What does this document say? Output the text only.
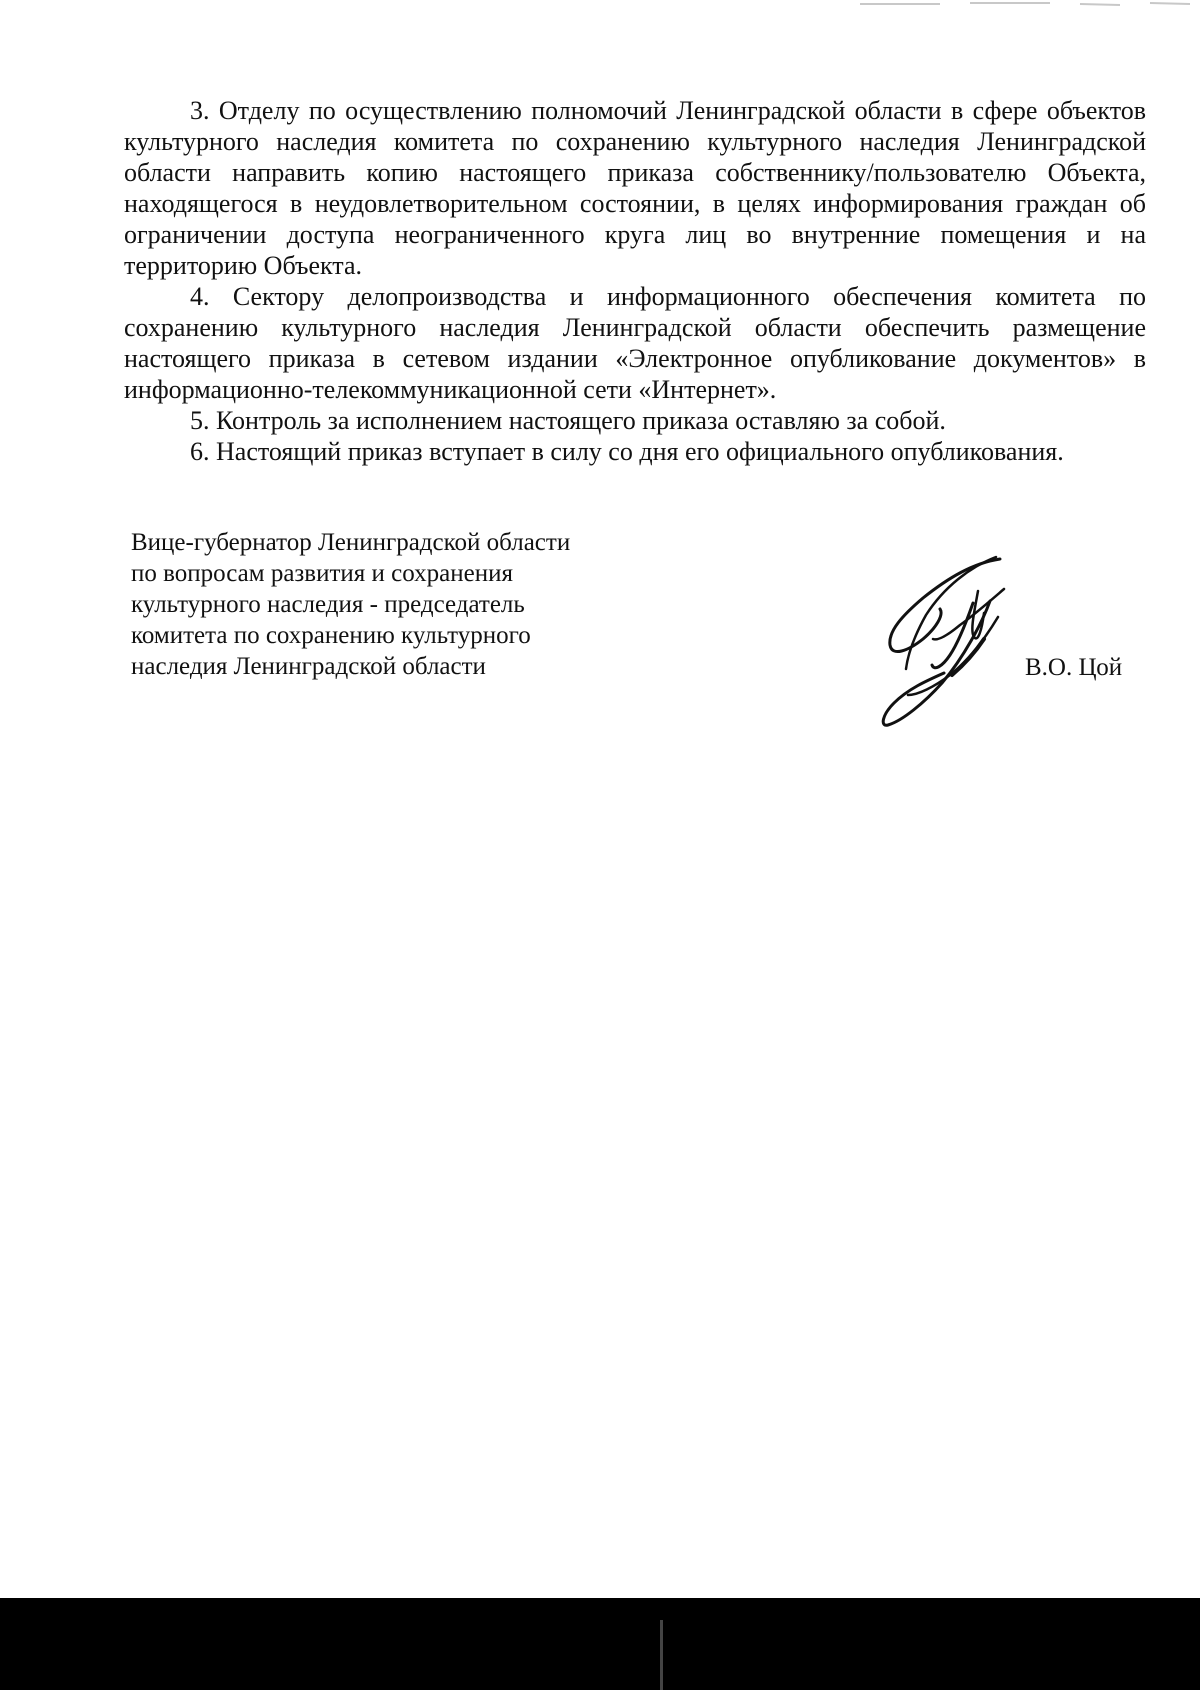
3. Отделу по осуществлению полномочий Ленинградской области в сфере объектов культурного наследия комитета по сохранению культурного наследия Ленинградской области направить копию настоящего приказа собственнику/пользователю Объекта, находящегося в неудовлетворительном состоянии, в целях информирования граждан об ограничении доступа неограниченного круга лиц во внутренние помещения и на территорию Объекта.

4. Сектору делопроизводства и информационного обеспечения комитета по сохранению культурного наследия Ленинградской области обеспечить размещение настоящего приказа в сетевом издании «Электронное опубликование документов» в информационно-телекоммуникационной сети «Интернет».

5. Контроль за исполнением настоящего приказа оставляю за собой.

6. Настоящий приказ вступает в силу со дня его официального опубликования.

Вице-губернатор Ленинградской области
по вопросам развития и сохранения
культурного наследия - председатель
комитета по сохранению культурного
наследия Ленинградской области	В.О. Цой
